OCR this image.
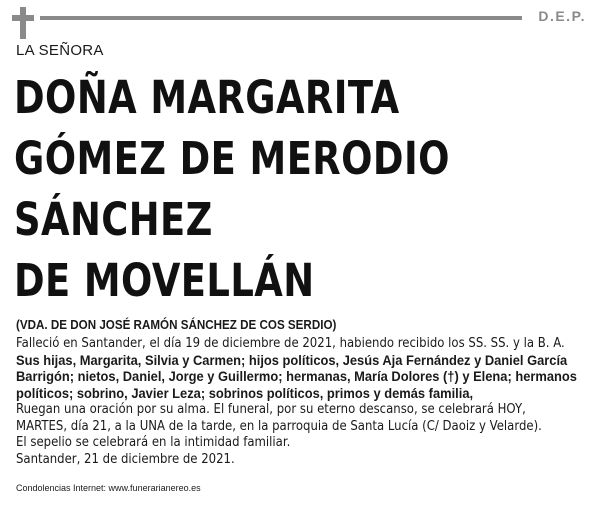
D.E.P.
LA SEÑORA
DOÑA MARGARITA
GÓMEZ DE MERODIO
SÁNCHEZ
DE MOVELLÁN
(VDA. DE DON JOSÉ RAMÓN SÁNCHEZ DE COS SERDIO)
Falleció en Santander, el día 19 de diciembre de 2021, habiendo recibido los SS. SS. y la B. A.
Sus hijas, Margarita, Silvia y Carmen; hijos políticos, Jesús Aja Fernández y Daniel García Barrigón; nietos, Daniel, Jorge y Guillermo; hermanas, María Dolores (†) y Elena; hermanos políticos; sobrino, Javier Leza; sobrinos políticos, primos y demás familia,
Ruegan una oración por su alma. El funeral, por su eterno descanso, se celebrará HOY,
MARTES, día 21, a la UNA de la tarde, en la parroquia de Santa Lucía (C/ Daoiz y Velarde).
El sepelio se celebrará en la intimidad familiar.
Santander, 21 de diciembre de 2021.
Condolencias Internet: www.funerarianereo.es
